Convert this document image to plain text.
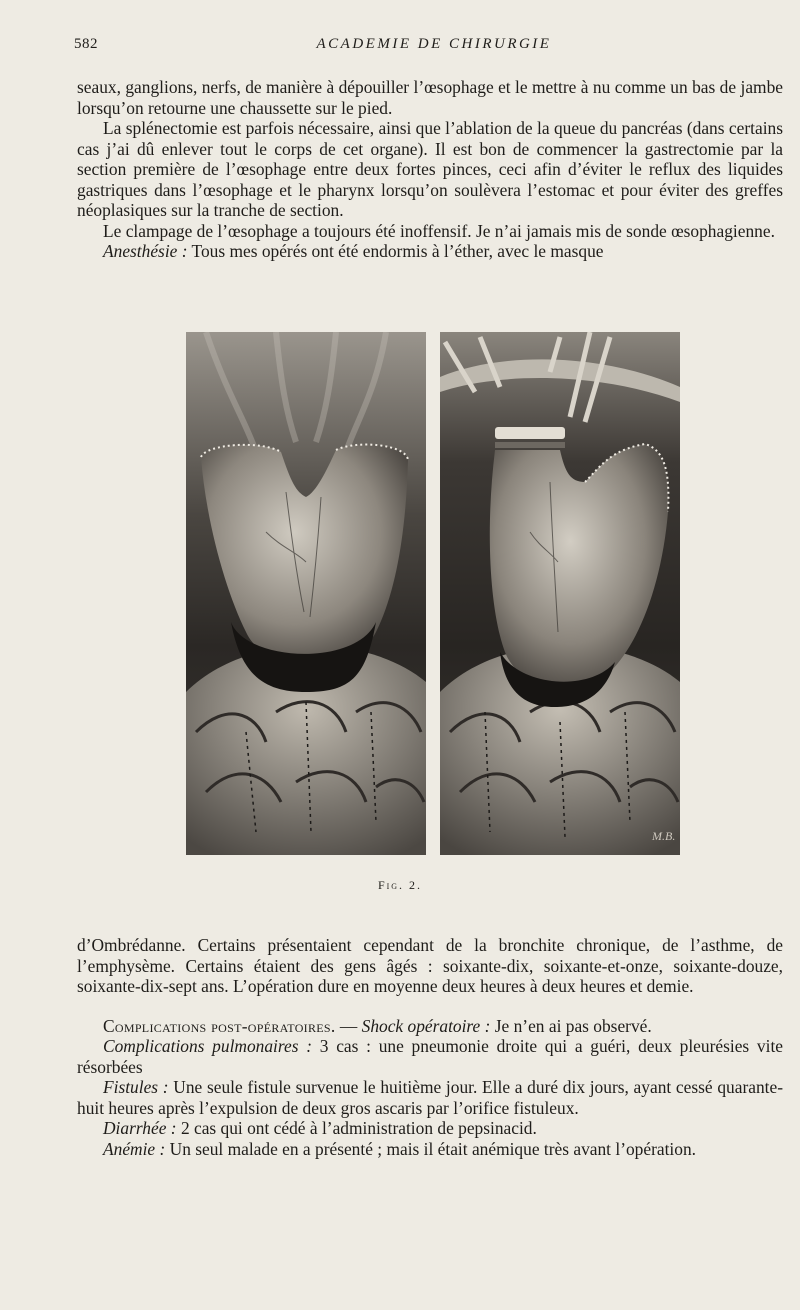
582	ACADEMIE DE CHIRURGIE

seaux, ganglions, nerfs, de manière à dépouiller l’œsophage et le mettre à nu comme un bas de jambe lorsqu’on retourne une chaussette sur le pied.

La splénectomie est parfois nécessaire, ainsi que l’ablation de la queue du pancréas (dans certains cas j’ai dû enlever tout le corps de cet organe). Il est bon de commencer la gastrectomie par la section première de l’œsophage entre deux fortes pinces, ceci afin d’éviter le reflux des liquides gastriques dans l’œsophage et le pharynx lorsqu’on soulèvera l’estomac et pour éviter des greffes néoplasiques sur la tranche de section.

Le clampage de l’œsophage a toujours été inoffensif. Je n’ai jamais mis de sonde œsophagienne.

Anesthésie : Tous mes opérés ont été endormis à l’éther, avec le masque

M.B.
Fig. 2.

d’Ombrédanne. Certains présentaient cependant de la bronchite chronique, de l’asthme, de l’emphysème. Certains étaient des gens âgés : soixante-dix, soixante-et-onze, soixante-douze, soixante-dix-sept ans. L’opération dure en moyenne deux heures à deux heures et demie.

Complications post-opératoires. — Shock opératoire : Je n’en ai pas observé.

Complications pulmonaires : 3 cas : une pneumonie droite qui a guéri, deux pleurésies vite résorbées

Fistules : Une seule fistule survenue le huitième jour. Elle a duré dix jours, ayant cessé quarante-huit heures après l’expulsion de deux gros ascaris par l’orifice fistuleux.

Diarrhée : 2 cas qui ont cédé à l’administration de pepsinacid.

Anémie : Un seul malade en a présenté ; mais il était anémique très avant l’opération.
